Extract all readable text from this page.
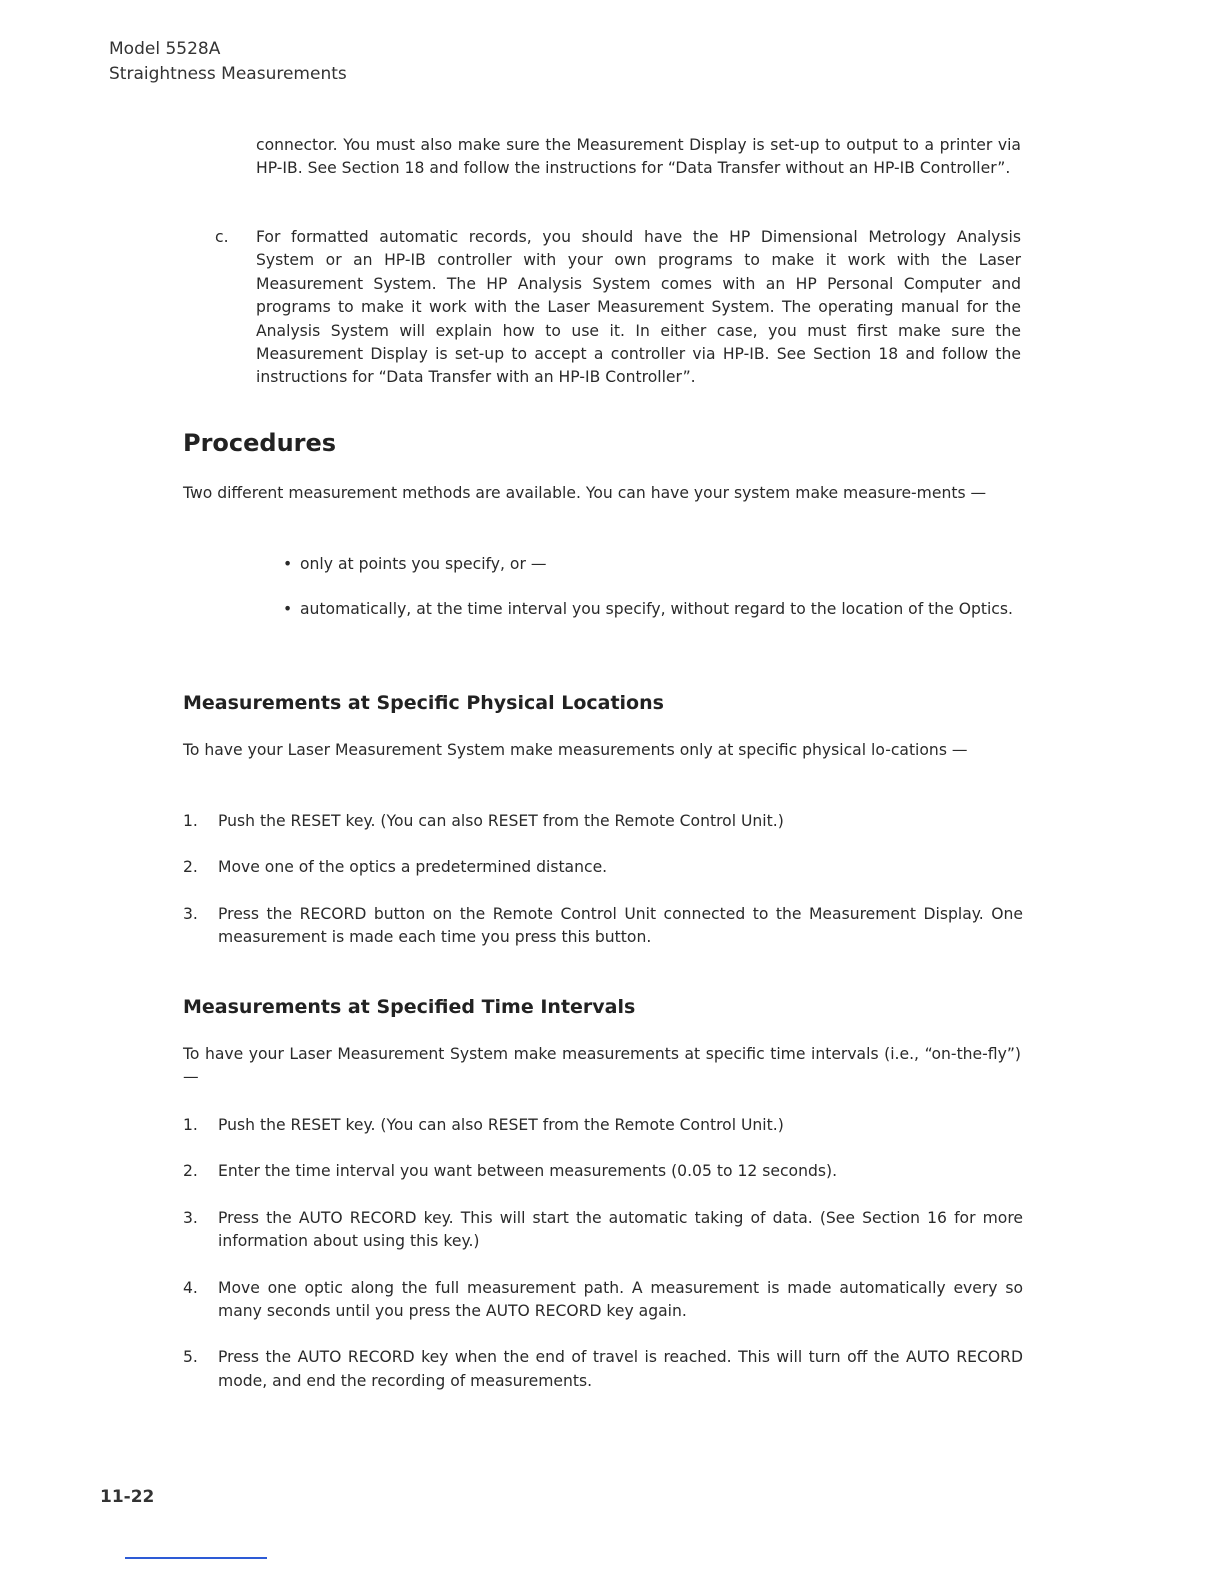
Model 5528A
Straightness Measurements

connector. You must also make sure the Measurement Display is set-up to output to a printer via HP-IB. See Section 18 and follow the instructions for “Data Transfer without an HP-IB Controller”.

c. For formatted automatic records, you should have the HP Dimensional Metrology Analysis System or an HP-IB controller with your own programs to make it work with the Laser Measurement System. The HP Analysis System comes with an HP Personal Computer and programs to make it work with the Laser Measurement System. The operating manual for the Analysis System will explain how to use it. In either case, you must first make sure the Measurement Display is set-up to accept a controller via HP-IB. See Section 18 and follow the instructions for “Data Transfer with an HP-IB Controller”.
Procedures

Two different measurement methods are available. You can have your system make measure-ments —

• only at points you specify, or —
• automatically, at the time interval you specify, without regard to the location of the Optics.
Measurements at Specific Physical Locations

To have your Laser Measurement System make measurements only at specific physical lo-cations —

1. Push the RESET key. (You can also RESET from the Remote Control Unit.)
2. Move one of the optics a predetermined distance.
3. Press the RECORD button on the Remote Control Unit connected to the Measurement Display. One measurement is made each time you press this button.
Measurements at Specified Time Intervals

To have your Laser Measurement System make measurements at specific time intervals (i.e., “on-the-fly”) —

1. Push the RESET key. (You can also RESET from the Remote Control Unit.)
2. Enter the time interval you want between measurements (0.05 to 12 seconds).
3. Press the AUTO RECORD key. This will start the automatic taking of data. (See Section 16 for more information about using this key.)
4. Move one optic along the full measurement path. A measurement is made automatically every so many seconds until you press the AUTO RECORD key again.
5. Press the AUTO RECORD key when the end of travel is reached. This will turn off the AUTO RECORD mode, and end the recording of measurements.
11-22
